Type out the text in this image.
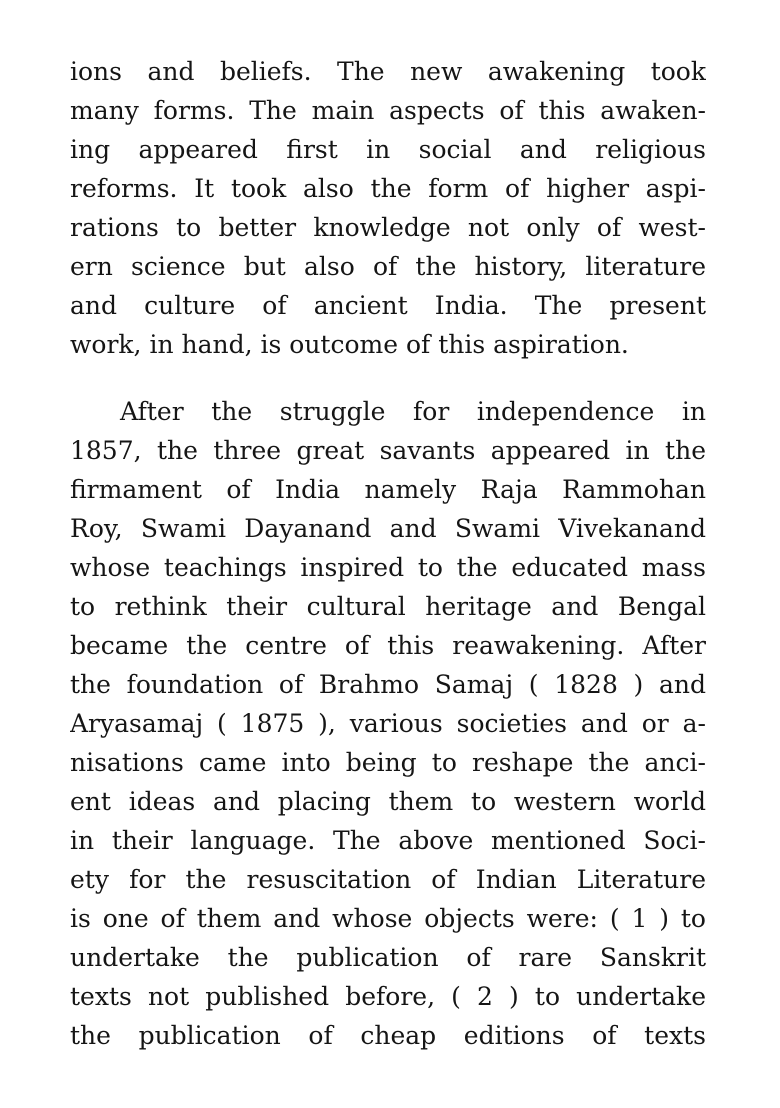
ions and beliefs. The new awakening took
many forms. The main aspects of this awaken-
ing appeared first in social and religious
reforms. It took also the form of higher aspi-
rations to better knowledge not only of west-
ern science but also of the history, literature
and culture of ancient India. The present
work, in hand, is outcome of this aspiration.
After the struggle for independence in
1857, the three great savants appeared in the
firmament of India namely Raja Rammohan
Roy, Swami Dayanand and Swami Vivekanand
whose teachings inspired to the educated mass
to rethink their cultural heritage and Bengal
became the centre of this reawakening. After
the foundation of Brahmo Samaj ( 1828 ) and
Aryasamaj ( 1875 ), various societies and or a-
nisations came into being to reshape the anci-
ent ideas and placing them to western world
in their language. The above mentioned Soci-
ety for the resuscitation of Indian Literature
is one of them and whose objects were: ( 1 ) to
undertake the publication of rare Sanskrit
texts not published before, ( 2 ) to undertake
the publication of cheap editions of texts
